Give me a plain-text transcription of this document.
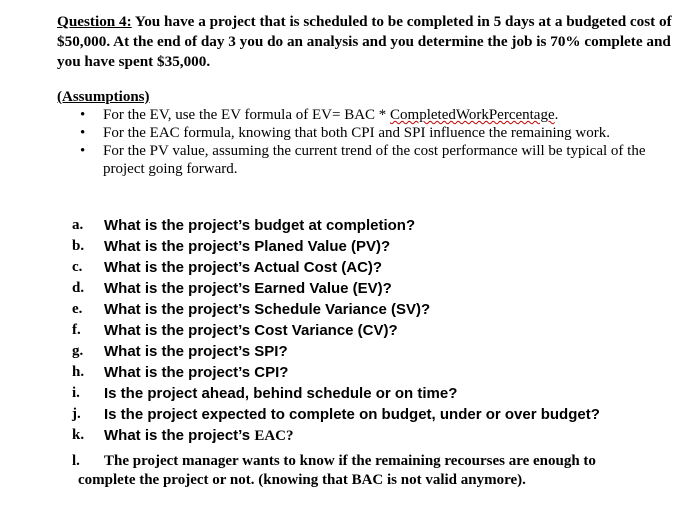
Question 4: You have a project that is scheduled to be completed in 5 days at a budgeted cost of $50,000. At the end of day 3 you do an analysis and you determine the job is 70% complete and you have spent $35,000.
(Assumptions)
• For the EV, use the EV formula of EV= BAC * CompletedWorkPercentage.
• For the EAC formula, knowing that both CPI and SPI influence the remaining work.
• For the PV value, assuming the current trend of the cost performance will be typical of the project going forward.
a. What is the project’s budget at completion?
b. What is the project’s Planed Value (PV)?
c. What is the project’s Actual Cost (AC)?
d. What is the project’s Earned Value (EV)?
e. What is the project’s Schedule Variance (SV)?
f. What is the project’s Cost Variance (CV)?
g. What is the project’s SPI?
h. What is the project’s CPI?
i. Is the project ahead, behind schedule or on time?
j. Is the project expected to complete on budget, under or over budget?
k. What is the project’s EAC?
l.	The project manager wants to know if the remaining recourses are enough to
complete the project or not. (knowing that BAC is not valid anymore).
